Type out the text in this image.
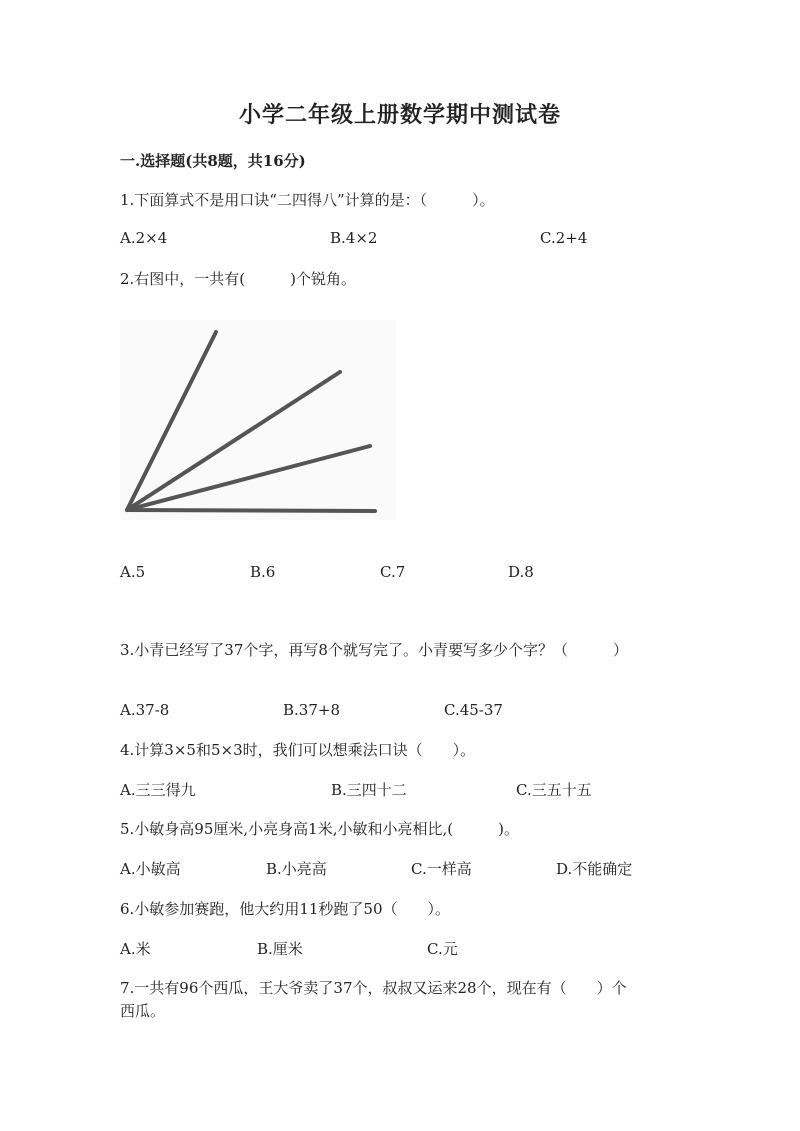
小学二年级上册数学期中测试卷
一.选择题(共8题，共16分)
1.下面算式不是用口诀“二四得八”计算的是：（　　　）。
A.2×4	B.4×2	C.2+4
2.右图中，一共有(　　　)个锐角。
A.5	B.6	C.7	D.8
3.小青已经写了37个字，再写8个就写完了。小青要写多少个字？（　　　）
A.37-8	B.37+8	C.45-37
4.计算3×5和5×3时，我们可以想乘法口诀（　　）。
A.三三得九	B.三四十二	C.三五十五
5.小敏身高95厘米,小亮身高1米,小敏和小亮相比,(　　　)。
A.小敏高	B.小亮高	C.一样高	D.不能确定
6.小敏参加赛跑，他大约用11秒跑了50（　　）。
A.米	B.厘米	C.元
7.一共有96个西瓜，王大爷卖了37个，叔叔又运来28个，现在有（　　）个
西瓜。
